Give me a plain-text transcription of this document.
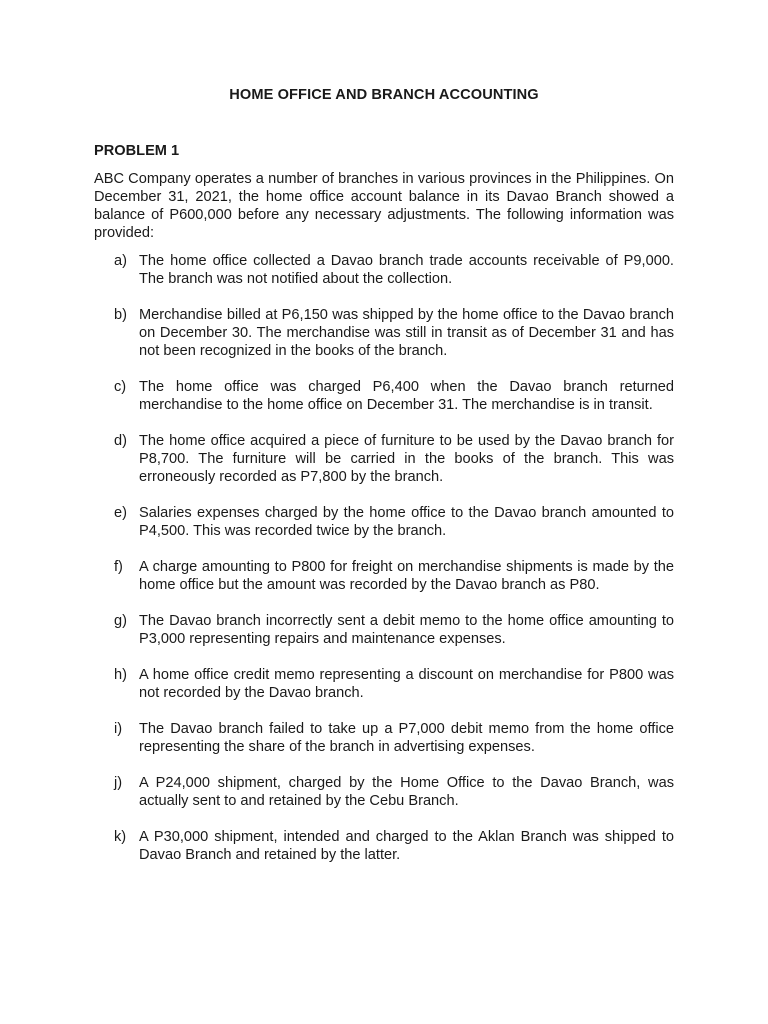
HOME OFFICE AND BRANCH ACCOUNTING
PROBLEM 1

ABC Company operates a number of branches in various provinces in the Philippines. On December 31, 2021, the home office account balance in its Davao Branch showed a balance of P600,000 before any necessary adjustments. The following information was provided:

a) The home office collected a Davao branch trade accounts receivable of P9,000. The branch was not notified about the collection.
b) Merchandise billed at P6,150 was shipped by the home office to the Davao branch on December 30. The merchandise was still in transit as of December 31 and has not been recognized in the books of the branch.
c) The home office was charged P6,400 when the Davao branch returned merchandise to the home office on December 31. The merchandise is in transit.
d) The home office acquired a piece of furniture to be used by the Davao branch for P8,700. The furniture will be carried in the books of the branch. This was erroneously recorded as P7,800 by the branch.
e) Salaries expenses charged by the home office to the Davao branch amounted to P4,500. This was recorded twice by the branch.
f) A charge amounting to P800 for freight on merchandise shipments is made by the home office but the amount was recorded by the Davao branch as P80.
g) The Davao branch incorrectly sent a debit memo to the home office amounting to P3,000 representing repairs and maintenance expenses.
h) A home office credit memo representing a discount on merchandise for P800 was not recorded by the Davao branch.
i) The Davao branch failed to take up a P7,000 debit memo from the home office representing the share of the branch in advertising expenses.
j) A P24,000 shipment, charged by the Home Office to the Davao Branch, was actually sent to and retained by the Cebu Branch.
k) A P30,000 shipment, intended and charged to the Aklan Branch was shipped to Davao Branch and retained by the latter.
